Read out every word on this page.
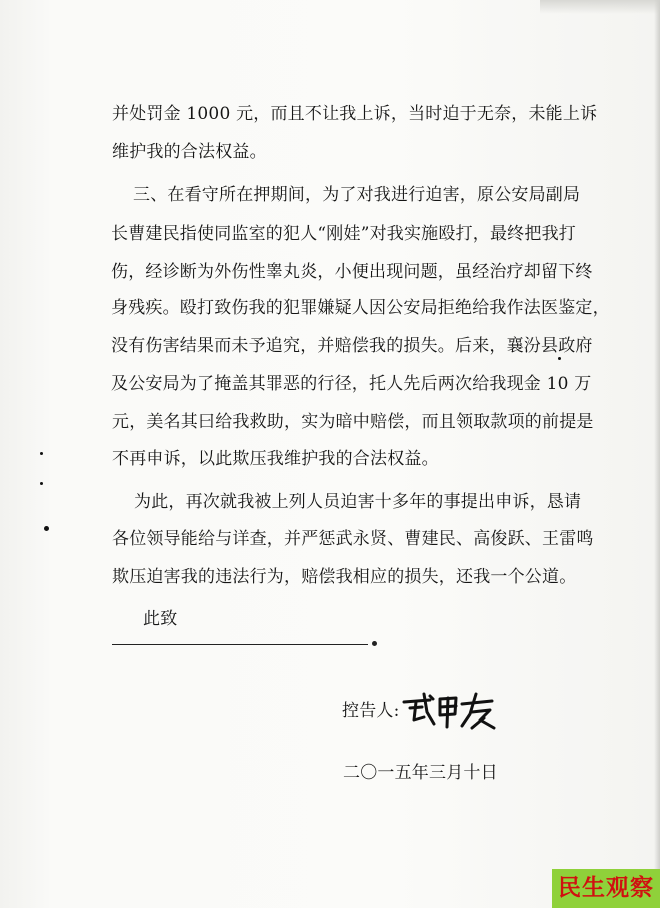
并处罚金 1000 元，而且不让我上诉，当时迫于无奈，未能上诉
维护我的合法权益。
三、在看守所在押期间，为了对我进行迫害，原公安局副局
长曹建民指使同监室的犯人“刚娃”对我实施殴打，最终把我打
伤，经诊断为外伤性睾丸炎，小便出现问题，虽经治疗却留下终
身残疾。殴打致伤我的犯罪嫌疑人因公安局拒绝给我作法医鉴定，
没有伤害结果而未予追究，并赔偿我的损失。后来，襄汾县政府
及公安局为了掩盖其罪恶的行径，托人先后两次给我现金 10 万
元，美名其曰给我救助，实为暗中赔偿，而且领取款项的前提是
不再申诉，以此欺压我维护我的合法权益。
为此，再次就我被上列人员迫害十多年的事提出申诉，恳请
各位领导能给与详查，并严惩武永贤、曹建民、高俊跃、王雷鸣
欺压迫害我的违法行为，赔偿我相应的损失，还我一个公道。
此致
控告人:
二〇一五年三月十日
民生观察
